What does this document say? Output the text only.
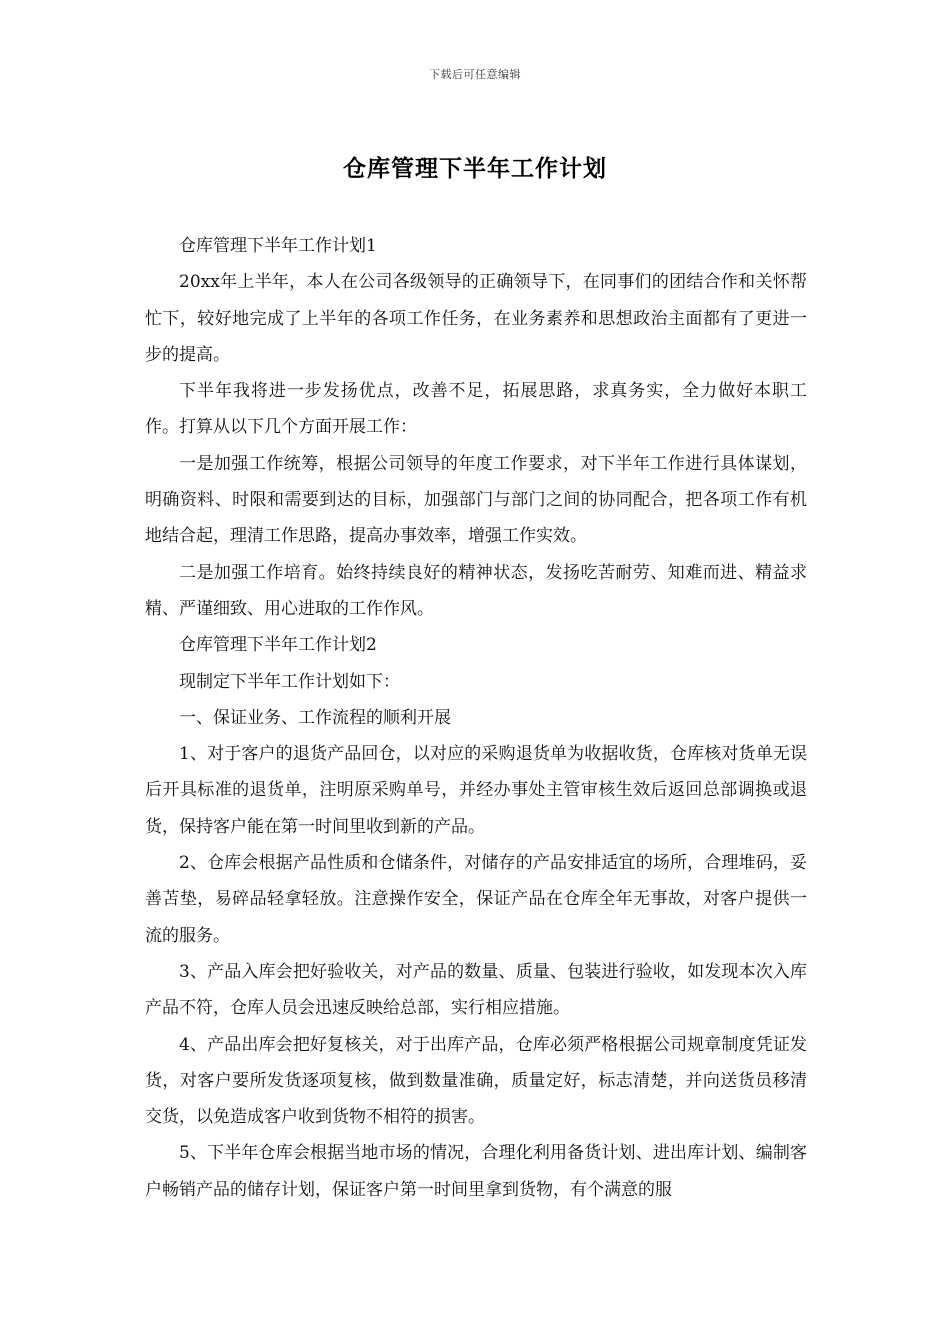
下载后可任意编辑
仓库管理下半年工作计划

仓库管理下半年工作计划1

20xx年上半年，本人在公司各级领导的正确领导下，在同事们的团结合作和关怀帮忙下，较好地完成了上半年的各项工作任务，在业务素养和思想政治主面都有了更进一步的提高。

下半年我将进一步发扬优点，改善不足，拓展思路，求真务实，全力做好本职工作。打算从以下几个方面开展工作：

一是加强工作统筹，根据公司领导的年度工作要求，对下半年工作进行具体谋划，明确资料、时限和需要到达的目标，加强部门与部门之间的协同配合，把各项工作有机地结合起，理清工作思路，提高办事效率，增强工作实效。

二是加强工作培育。始终持续良好的精神状态，发扬吃苦耐劳、知难而进、精益求精、严谨细致、用心进取的工作作风。

仓库管理下半年工作计划2

现制定下半年工作计划如下：

一、保证业务、工作流程的顺利开展

1、对于客户的退货产品回仓，以对应的采购退货单为收据收货，仓库核对货单无误后开具标准的退货单，注明原采购单号，并经办事处主管审核生效后返回总部调换或退货，保持客户能在第一时间里收到新的产品。

2、仓库会根据产品性质和仓储条件，对储存的产品安排适宜的场所，合理堆码，妥善苫垫，易碎品轻拿轻放。注意操作安全，保证产品在仓库全年无事故，对客户提供一流的服务。

3、产品入库会把好验收关，对产品的数量、质量、包装进行验收，如发现本次入库产品不符，仓库人员会迅速反映给总部，实行相应措施。

4、产品出库会把好复核关，对于出库产品，仓库必须严格根据公司规章制度凭证发货，对客户要所发货逐项复核，做到数量准确，质量定好，标志清楚，并向送货员移清交货，以免造成客户收到货物不相符的损害。

5、下半年仓库会根据当地市场的情况，合理化利用备货计划、进出库计划、编制客户畅销产品的储存计划，保证客户第一时间里拿到货物，有个满意的服
